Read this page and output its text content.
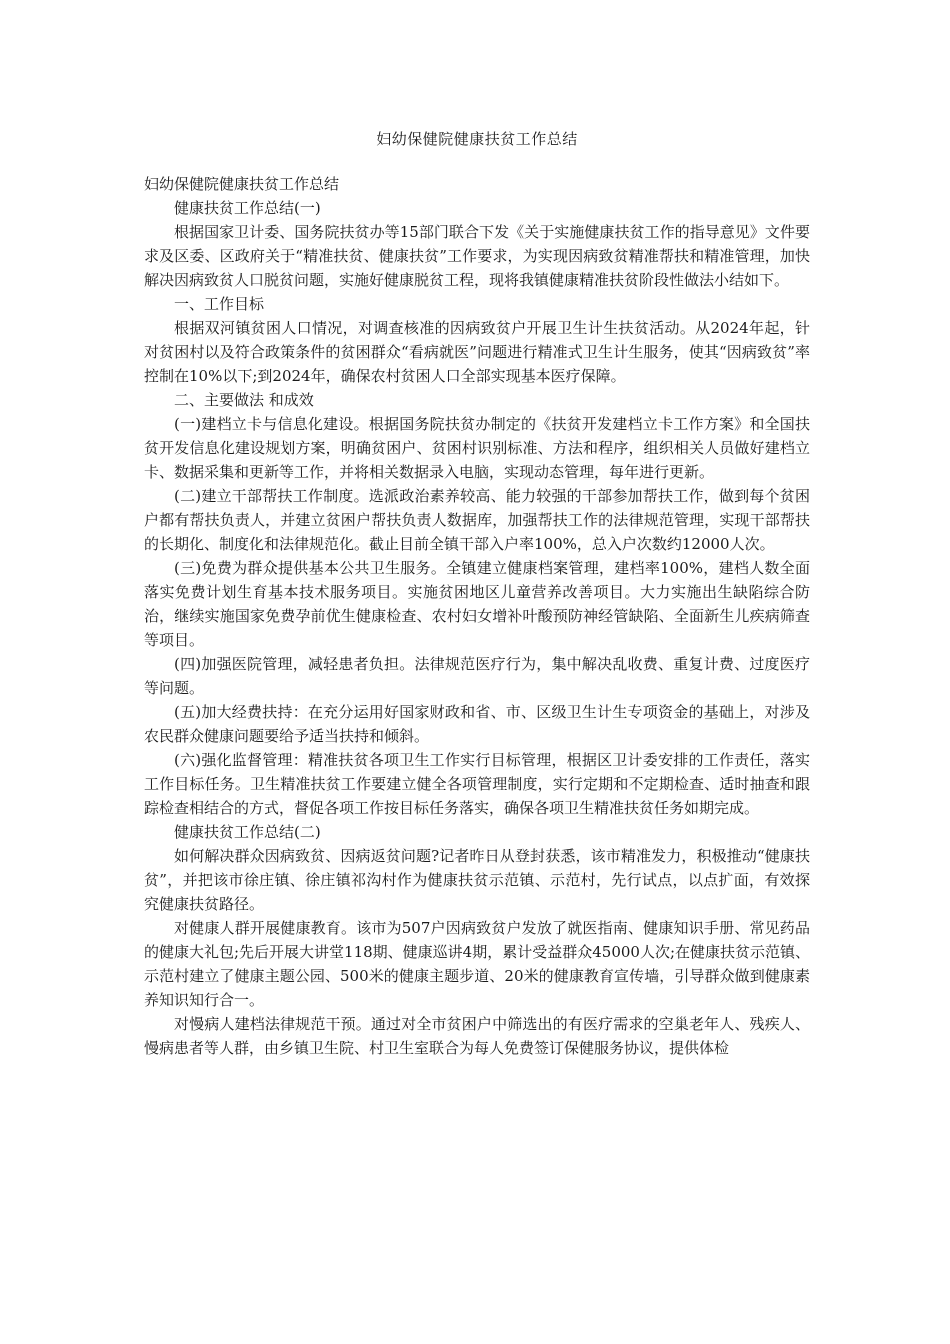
妇幼保健院健康扶贫工作总结
妇幼保健院健康扶贫工作总结

健康扶贫工作总结(一)

根据国家卫计委、国务院扶贫办等15部门联合下发《关于实施健康扶贫工作的指导意见》文件要求及区委、区政府关于“精准扶贫、健康扶贫”工作要求，为实现因病致贫精准帮扶和精准管理，加快解决因病致贫人口脱贫问题，实施好健康脱贫工程，现将我镇健康精准扶贫阶段性做法小结如下。

一、工作目标

根据双河镇贫困人口情况，对调查核准的因病致贫户开展卫生计生扶贫活动。从2024年起，针对贫困村以及符合政策条件的贫困群众“看病就医”问题进行精准式卫生计生服务，使其“因病致贫”率控制在10%以下;到2024年，确保农村贫困人口全部实现基本医疗保障。

二、主要做法 和成效

(一)建档立卡与信息化建设。根据国务院扶贫办制定的《扶贫开发建档立卡工作方案》和全国扶贫开发信息化建设规划方案，明确贫困户、贫困村识别标准、方法和程序，组织相关人员做好建档立卡、数据采集和更新等工作，并将相关数据录入电脑，实现动态管理，每年进行更新。

(二)建立干部帮扶工作制度。选派政治素养较高、能力较强的干部参加帮扶工作，做到每个贫困户都有帮扶负责人，并建立贫困户帮扶负责人数据库，加强帮扶工作的法律规范管理，实现干部帮扶的长期化、制度化和法律规范化。截止目前全镇干部入户率100%，总入户次数约12000人次。

(三)免费为群众提供基本公共卫生服务。全镇建立健康档案管理，建档率100%，建档人数全面落实免费计划生育基本技术服务项目。实施贫困地区儿童营养改善项目。大力实施出生缺陷综合防治，继续实施国家免费孕前优生健康检查、农村妇女增补叶酸预防神经管缺陷、全面新生儿疾病筛查等项目。

(四)加强医院管理，减轻患者负担。法律规范医疗行为，集中解决乱收费、重复计费、过度医疗等问题。

(五)加大经费扶持：在充分运用好国家财政和省、市、区级卫生计生专项资金的基础上，对涉及农民群众健康问题要给予适当扶持和倾斜。

(六)强化监督管理：精准扶贫各项卫生工作实行目标管理，根据区卫计委安排的工作责任，落实工作目标任务。卫生精准扶贫工作要建立健全各项管理制度，实行定期和不定期检查、适时抽查和跟踪检查相结合的方式，督促各项工作按目标任务落实，确保各项卫生精准扶贫任务如期完成。

健康扶贫工作总结(二)

如何解决群众因病致贫、因病返贫问题?记者昨日从登封获悉，该市精准发力，积极推动“健康扶贫”，并把该市徐庄镇、徐庄镇祁沟村作为健康扶贫示范镇、示范村，先行试点，以点扩面，有效探究健康扶贫路径。

对健康人群开展健康教育。该市为507户因病致贫户发放了就医指南、健康知识手册、常见药品的健康大礼包;先后开展大讲堂118期、健康巡讲4期，累计受益群众45000人次;在健康扶贫示范镇、示范村建立了健康主题公园、500米的健康主题步道、20米的健康教育宣传墙，引导群众做到健康素养知识知行合一。

对慢病人建档法律规范干预。通过对全市贫困户中筛选出的有医疗需求的空巢老年人、残疾人、慢病患者等人群，由乡镇卫生院、村卫生室联合为每人免费签订保健服务协议，提供体检
